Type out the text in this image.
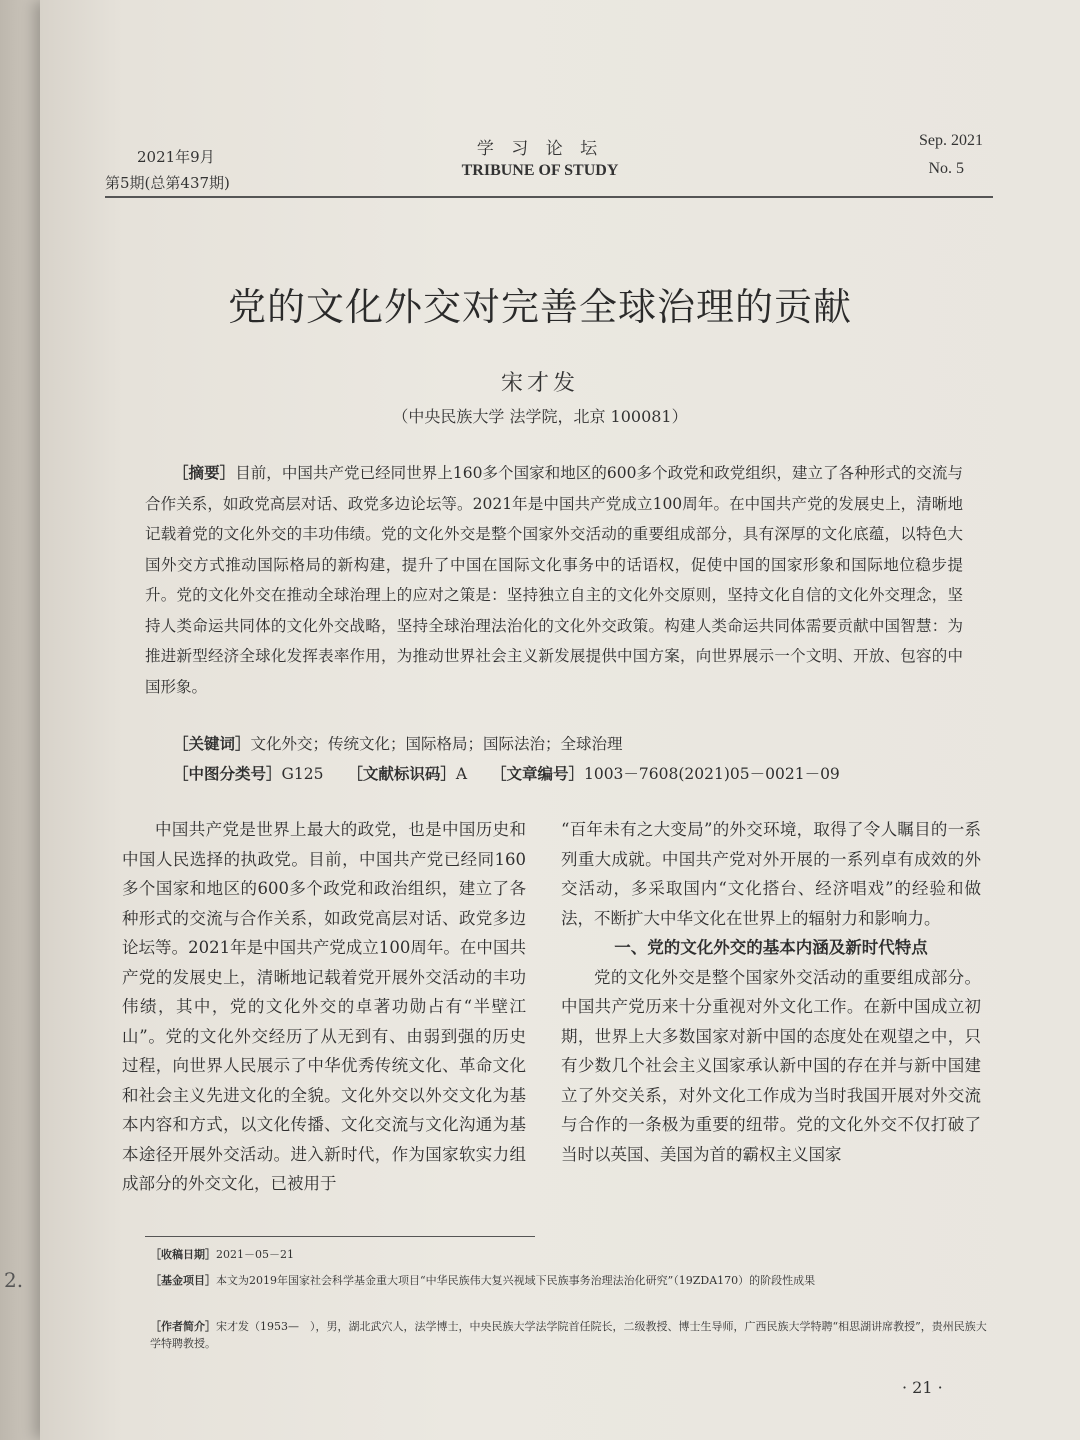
2.
2021年9月
第5期(总第437期)
学 习 论 坛
TRIBUNE OF STUDY
Sep. 2021
No. 5
党的文化外交对完善全球治理的贡献
宋才发
（中央民族大学 法学院，北京 100081）
［摘要］目前，中国共产党已经同世界上160多个国家和地区的600多个政党和政党组织，建立了各种形式的交流与合作关系，如政党高层对话、政党多边论坛等。2021年是中国共产党成立100周年。在中国共产党的发展史上，清晰地记载着党的文化外交的丰功伟绩。党的文化外交是整个国家外交活动的重要组成部分，具有深厚的文化底蕴，以特色大国外交方式推动国际格局的新构建，提升了中国在国际文化事务中的话语权，促使中国的国家形象和国际地位稳步提升。党的文化外交在推动全球治理上的应对之策是：坚持独立自主的文化外交原则，坚持文化自信的文化外交理念，坚持人类命运共同体的文化外交战略，坚持全球治理法治化的文化外交政策。构建人类命运共同体需要贡献中国智慧：为推进新型经济全球化发挥表率作用，为推动世界社会主义新发展提供中国方案，向世界展示一个文明、开放、包容的中国形象。
［关键词］文化外交；传统文化；国际格局；国际法治；全球治理
［中图分类号］G125 ［文献标识码］A ［文章编号］1003－7608(2021)05－0021－09

中国共产党是世界上最大的政党，也是中国历史和中国人民选择的执政党。目前，中国共产党已经同160多个国家和地区的600多个政党和政治组织，建立了各种形式的交流与合作关系，如政党高层对话、政党多边论坛等。2021年是中国共产党成立100周年。在中国共产党的发展史上，清晰地记载着党开展外交活动的丰功伟绩，其中，党的文化外交的卓著功勋占有“半壁江山”。党的文化外交经历了从无到有、由弱到强的历史过程，向世界人民展示了中华优秀传统文化、革命文化和社会主义先进文化的全貌。文化外交以外交文化为基本内容和方式，以文化传播、文化交流与文化沟通为基本途径开展外交活动。进入新时代，作为国家软实力组成部分的外交文化，已被用于

“百年未有之大变局”的外交环境，取得了令人瞩目的一系列重大成就。中国共产党对外开展的一系列卓有成效的外交活动，多采取国内“文化搭台、经济唱戏”的经验和做法，不断扩大中华文化在世界上的辐射力和影响力。

一、党的文化外交的基本内涵及新时代特点

党的文化外交是整个国家外交活动的重要组成部分。中国共产党历来十分重视对外文化工作。在新中国成立初期，世界上大多数国家对新中国的态度处在观望之中，只有少数几个社会主义国家承认新中国的存在并与新中国建立了外交关系，对外文化工作成为当时我国开展对外交流与合作的一条极为重要的纽带。党的文化外交不仅打破了当时以英国、美国为首的霸权主义国家

［收稿日期］2021－05－21
［基金项目］本文为2019年国家社会科学基金重大项目“中华民族伟大复兴视域下民族事务治理法治化研究”（19ZDA170）的阶段性成果
［作者简介］宋才发（1953—　），男，湖北武穴人，法学博士，中央民族大学法学院首任院长，二级教授、博士生导师，广西民族大学特聘“相思湖讲席教授”，贵州民族大学特聘教授。
· 21 ·
